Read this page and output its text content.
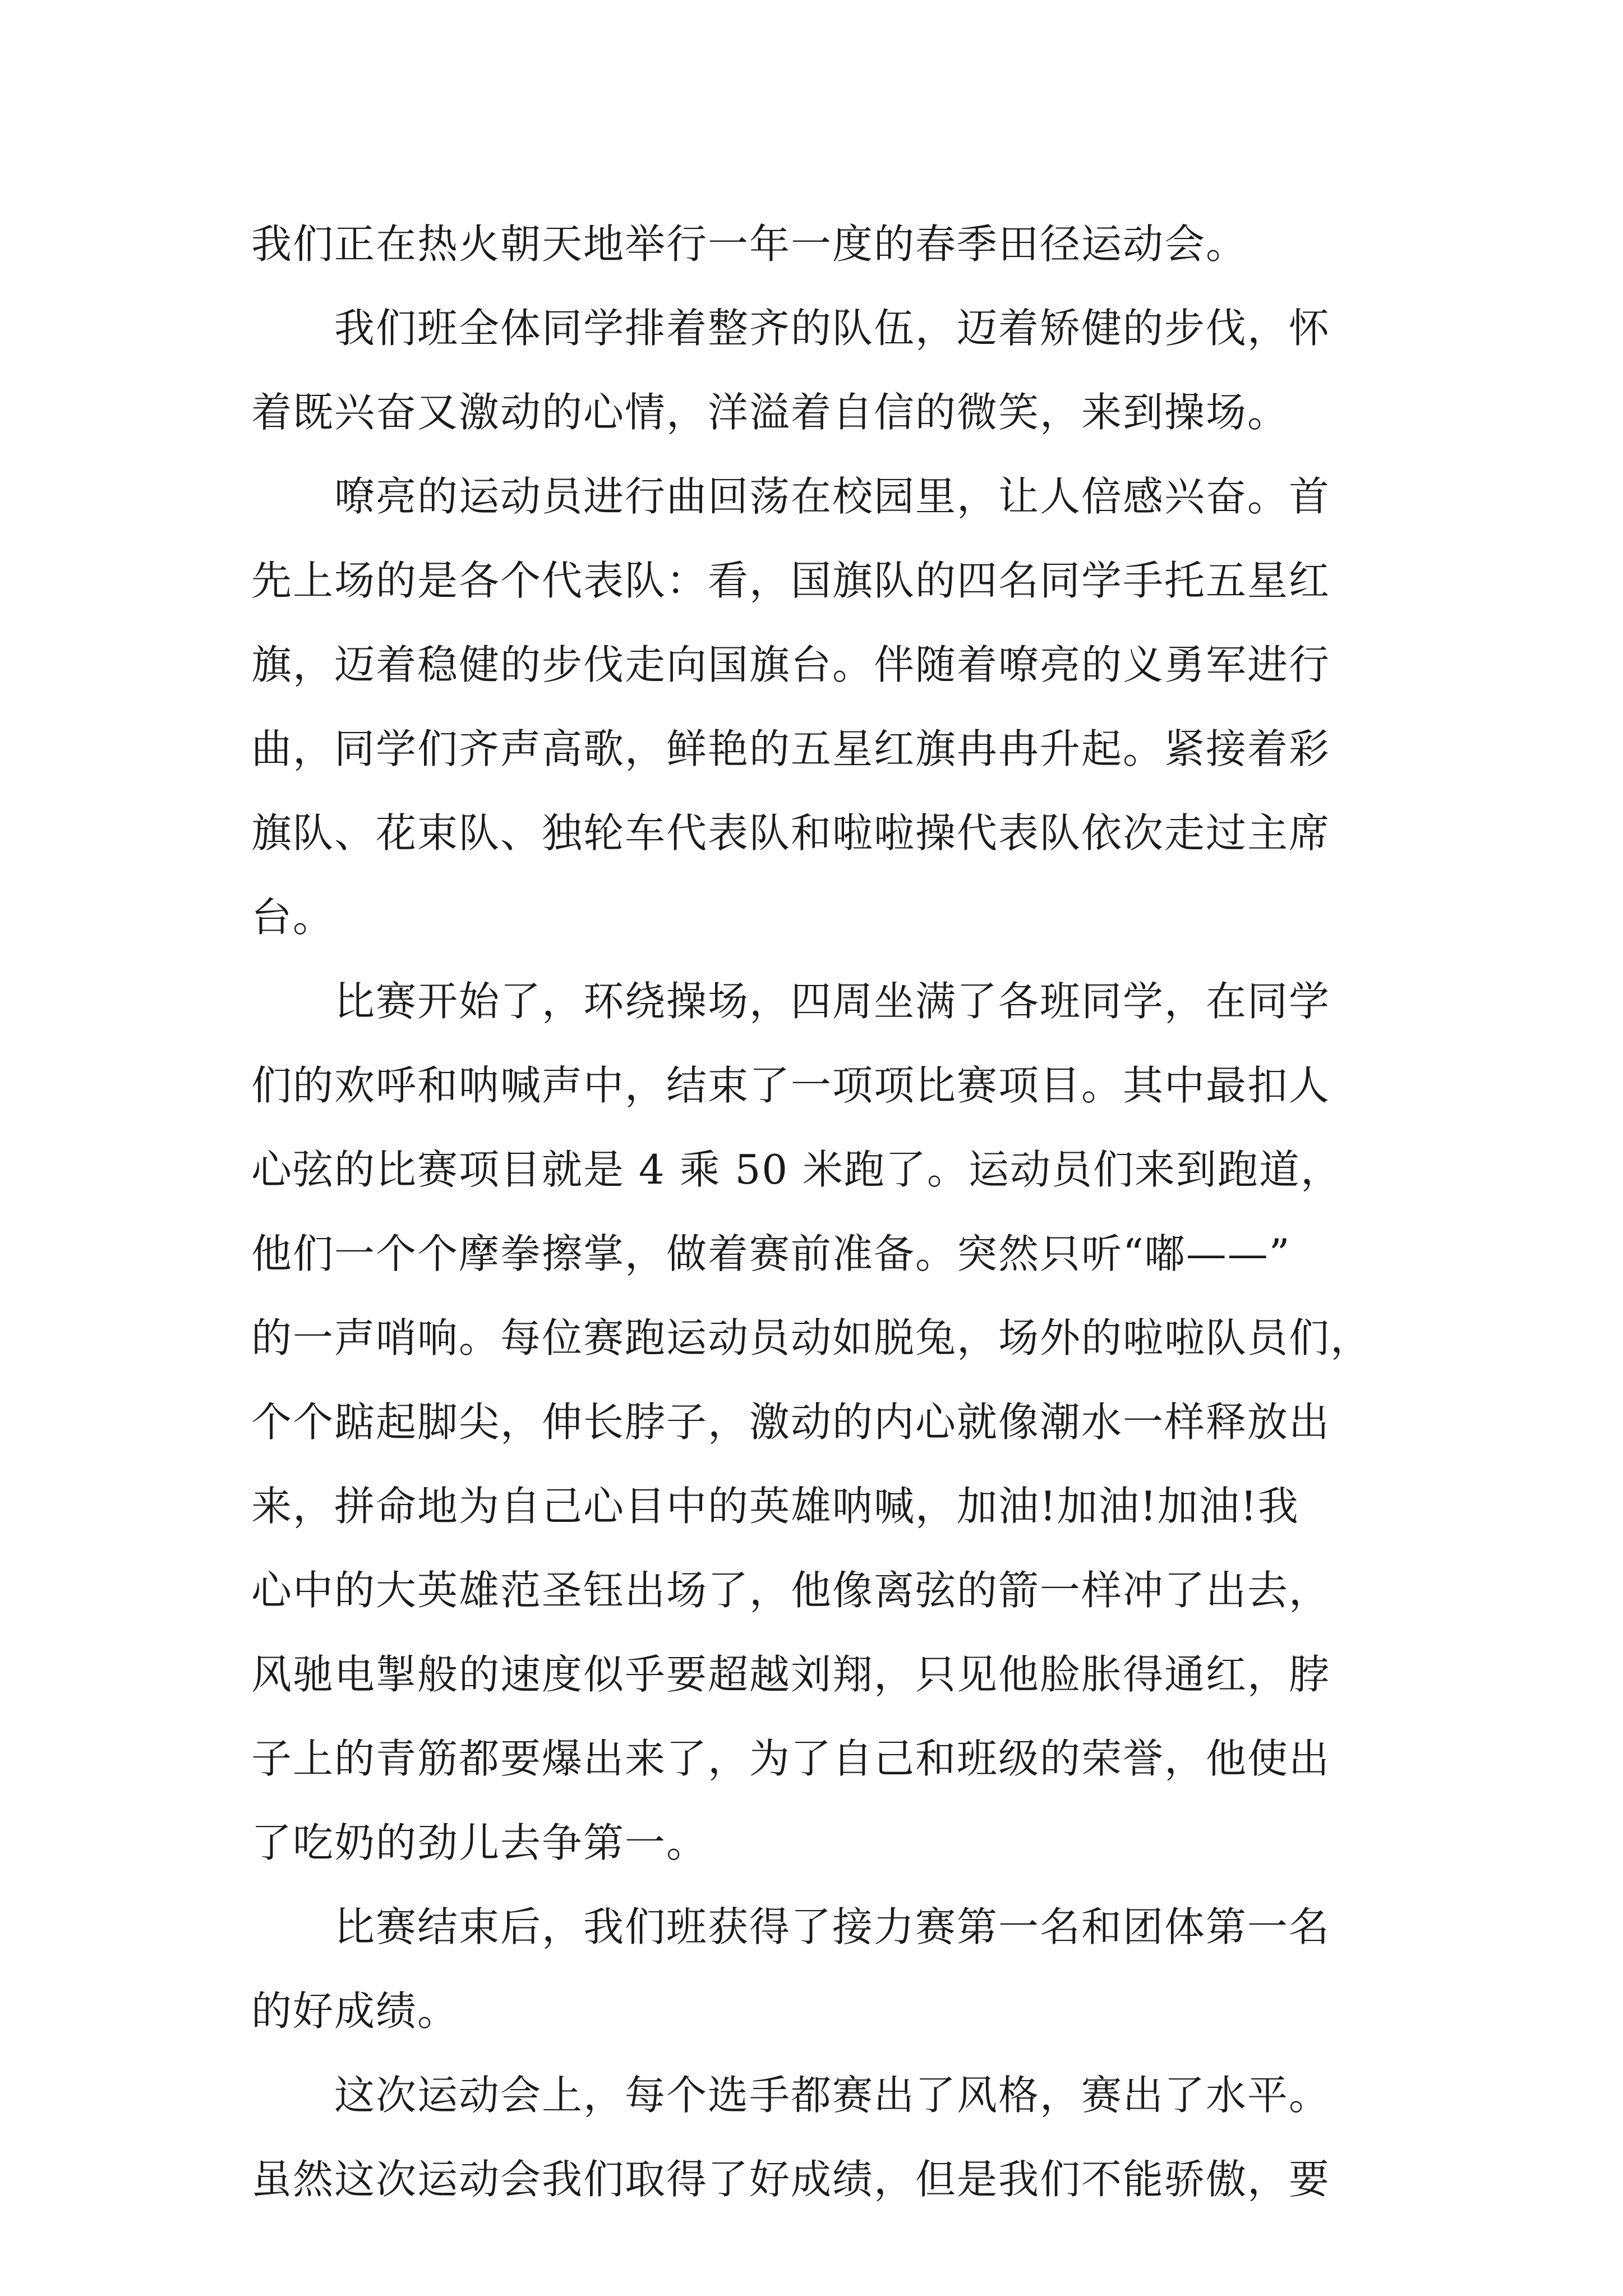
我们正在热火朝天地举行一年一度的春季田径运动会。
我们班全体同学排着整齐的队伍，迈着矫健的步伐，怀
着既兴奋又激动的心情，洋溢着自信的微笑，来到操场。
嘹亮的运动员进行曲回荡在校园里，让人倍感兴奋。首
先上场的是各个代表队：看，国旗队的四名同学手托五星红
旗，迈着稳健的步伐走向国旗台。伴随着嘹亮的义勇军进行
曲，同学们齐声高歌，鲜艳的五星红旗冉冉升起。紧接着彩
旗队、花束队、独轮车代表队和啦啦操代表队依次走过主席
台。
比赛开始了，环绕操场，四周坐满了各班同学，在同学
们的欢呼和呐喊声中，结束了一项项比赛项目。其中最扣人
心弦的比赛项目就是 4 乘 50 米跑了。运动员们来到跑道，
他们一个个摩拳擦掌，做着赛前准备。突然只听“嘟——”
的一声哨响。每位赛跑运动员动如脱兔，场外的啦啦队员们，
个个踮起脚尖，伸长脖子，激动的内心就像潮水一样释放出
来，拼命地为自己心目中的英雄呐喊，加油!加油!加油!我
心中的大英雄范圣钰出场了，他像离弦的箭一样冲了出去，
风驰电掣般的速度似乎要超越刘翔，只见他脸胀得通红，脖
子上的青筋都要爆出来了，为了自己和班级的荣誉，他使出
了吃奶的劲儿去争第一。
比赛结束后，我们班获得了接力赛第一名和团体第一名
的好成绩。
这次运动会上，每个选手都赛出了风格，赛出了水平。
虽然这次运动会我们取得了好成绩，但是我们不能骄傲，要
